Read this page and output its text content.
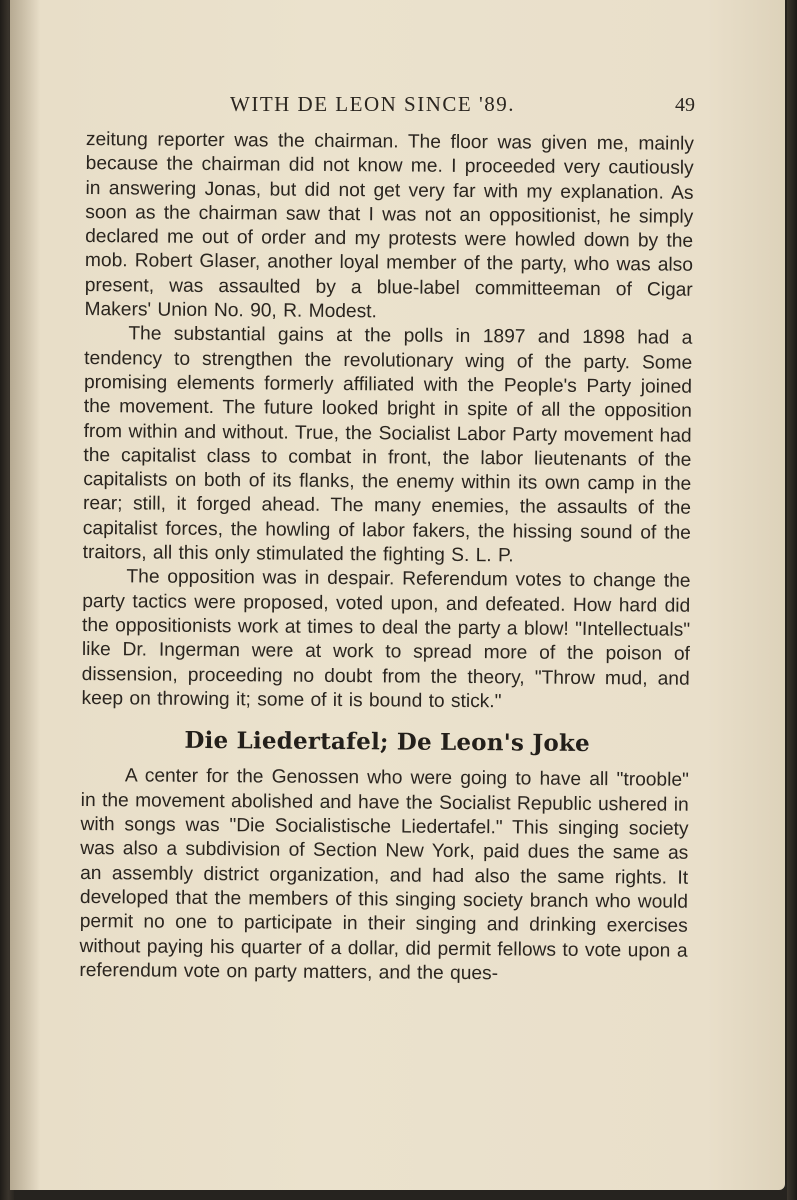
WITH DE LEON SINCE '89.	49

zeitung reporter was the chairman. The floor was given me, mainly because the chairman did not know me. I proceeded very cautiously in answering Jonas, but did not get very far with my explanation. As soon as the chairman saw that I was not an oppositionist, he simply declared me out of order and my protests were howled down by the mob. Robert Glaser, another loyal member of the party, who was also present, was assaulted by a blue-label committeeman of Cigar Makers' Union No. 90, R. Modest.

The substantial gains at the polls in 1897 and 1898 had a tendency to strengthen the revolutionary wing of the party. Some promising elements formerly affiliated with the People's Party joined the movement. The future looked bright in spite of all the opposition from within and without. True, the Socialist Labor Party movement had the capitalist class to combat in front, the labor lieutenants of the capitalists on both of its flanks, the enemy within its own camp in the rear; still, it forged ahead. The many enemies, the assaults of the capitalist forces, the howling of labor fakers, the hissing sound of the traitors, all this only stimulated the fighting S. L. P.

The opposition was in despair. Referendum votes to change the party tactics were proposed, voted upon, and defeated. How hard did the oppositionists work at times to deal the party a blow! "Intellectuals" like Dr. Ingerman were at work to spread more of the poison of dissension, proceeding no doubt from the theory, "Throw mud, and keep on throwing it; some of it is bound to stick."

Die Liedertafel; De Leon's Joke

A center for the Genossen who were going to have all "trooble" in the movement abolished and have the Socialist Republic ushered in with songs was "Die Socialistische Liedertafel." This singing society was also a subdivision of Section New York, paid dues the same as an assembly district organization, and had also the same rights. It developed that the members of this singing society branch who would permit no one to participate in their singing and drinking exercises without paying his quarter of a dollar, did permit fellows to vote upon a referendum vote on party matters, and the ques-
